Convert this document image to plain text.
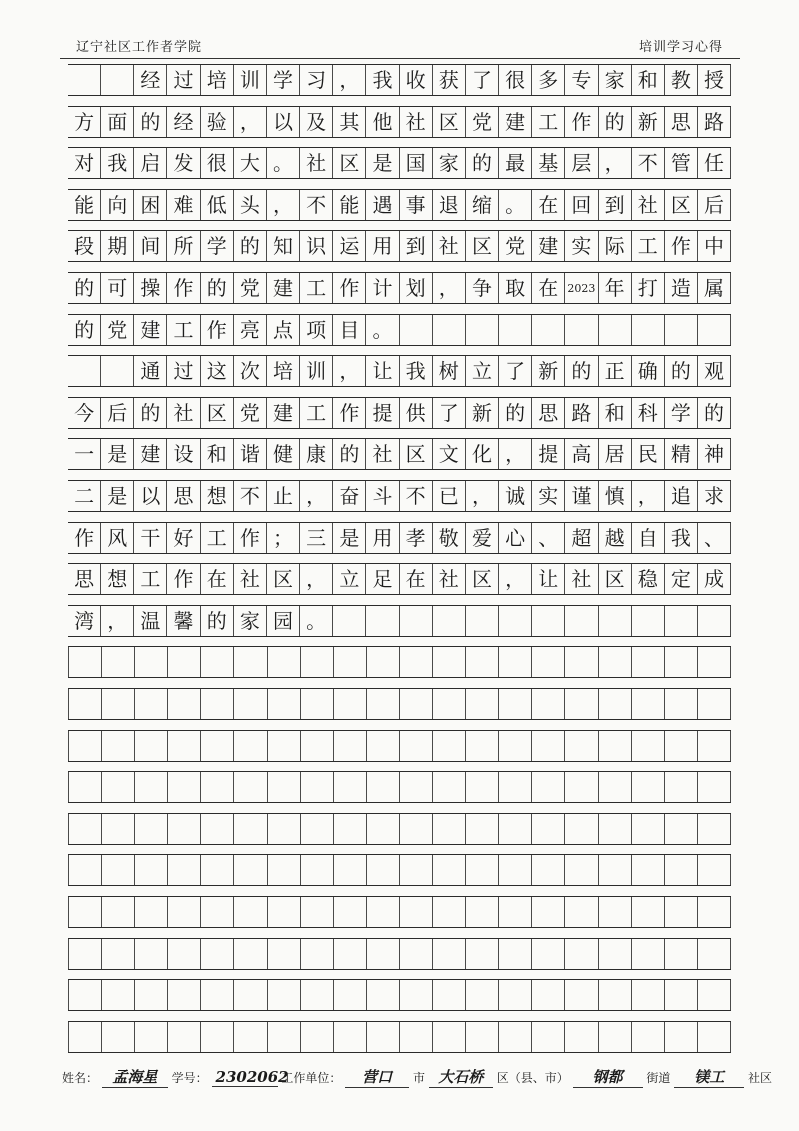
辽宁社区工作者学院	培训学习心得
经 过 培 训 学 习 ， 我 收 获 了 很 多 专 家 和 教 授
方 面 的 经 验 ， 以 及 其 他 社 区 党 建 工 作 的 新 思 路
对 我 启 发 很 大 。 社 区 是 国 家 的 最 基 层 ， 不 管 任
能 向 困 难 低 头 ， 不 能 遇 事 退 缩 。 在 回 到 社 区 后
段 期 间 所 学 的 知 识 运 用 到 社 区 党 建 实 际 工 作 中
的 可 操 作 的 党 建 工 作 计 划 ， 争 取 在 2023 年 打 造 属
的 党 建 工 作 亮 点 项 目 。
通 过 这 次 培 训 ， 让 我 树 立 了 新 的 正 确 的 观
今 后 的 社 区 党 建 工 作 提 供 了 新 的 思 路 和 科 学 的
一 是 建 设 和 谐 健 康 的 社 区 文 化 ， 提 高 居 民 精 神
二 是 以 思 想 不 止 ， 奋 斗 不 已 ， 诚 实 谨 慎 ， 追 求
作 风 干 好 工 作 ； 三 是 用 孝 敬 爱 心 、 超 越 自 我 、
思 想 工 作 在 社 区 ， 立 足 在 社 区 ， 让 社 区 稳 定 成
湾 ， 温 馨 的 家 园 。
姓名： 孟海星 学号： 2302062 工作单位： 营口 市 大石桥 区（县、市） 钢都 街道 镁工 社区
